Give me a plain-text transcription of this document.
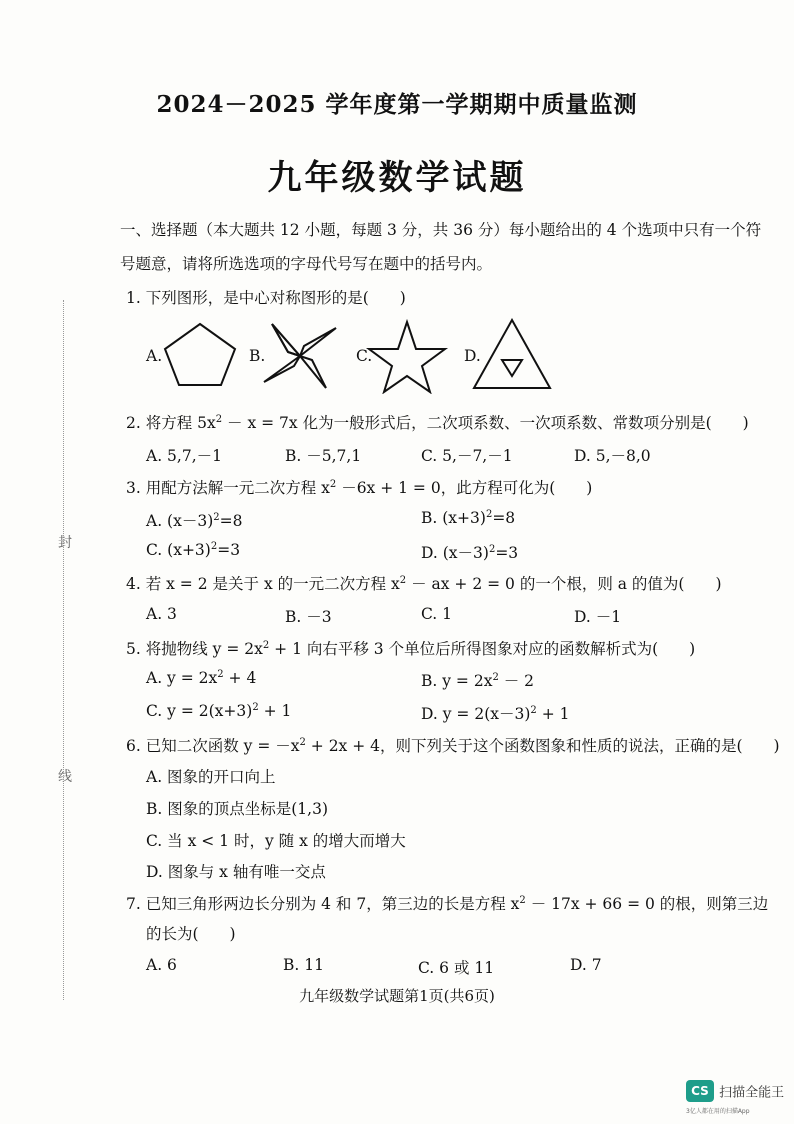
封
线
2024－2025 学年度第一学期期中质量监测
九年级数学试题
一、选择题（本大题共 12 小题，每题 3 分，共 36 分）每小题给出的 4 个选项中只有一个符
号题意，请将所选选项的字母代号写在题中的括号内。
1. 下列图形，是中心对称图形的是(　　)
A.	B.	C.	D.
2. 将方程 $5x^2 - x = 7x$ 化为一般形式后，二次项系数、一次项系数、常数项分别是(　　)
A. 5,7,－1	B. －5,7,1	C. 5,－7,－1	D. 5,－8,0
3. 用配方法解一元二次方程 $x^2 -6x + 1 = 0$，此方程可化为(　　)
A. $(x-3)^2=8$	B. $(x+3)^2=8$
C. $(x+3)^2=3$	D. $(x-3)^2=3$
4. 若 x = 2 是关于 x 的一元二次方程 $x^2$ － ax + 2 = 0 的一个根，则 a 的值为(　　)
A. 3	B. －3	C. 1	D. －1
5. 将抛物线 $y = 2x^2 + 1$ 向右平移 3 个单位后所得图象对应的函数解析式为(　　)
A. $y = 2x^2 + 4$	B. $y = 2x^2 - 2$
C. $y = 2(x+3)^2 + 1$	D. $y = 2(x-3)^2 + 1$
6. 已知二次函数 $y = -x^2 + 2x + 4$，则下列关于这个函数图象和性质的说法，正确的是(　　)
A. 图象的开口向上
B. 图象的顶点坐标是(1,3)
C. 当 x < 1 时，y 随 x 的增大而增大
D. 图象与 x 轴有唯一交点
7. 已知三角形两边长分别为 4 和 7，第三边的长是方程 $x^2 - 17x + 66 = 0$ 的根，则第三边
的长为(　　)
A. 6	B. 11	C. 6 或 11	D. 7
九年级数学试题第1页(共6页)
CS 扫描全能王
3亿人都在用的扫描App
